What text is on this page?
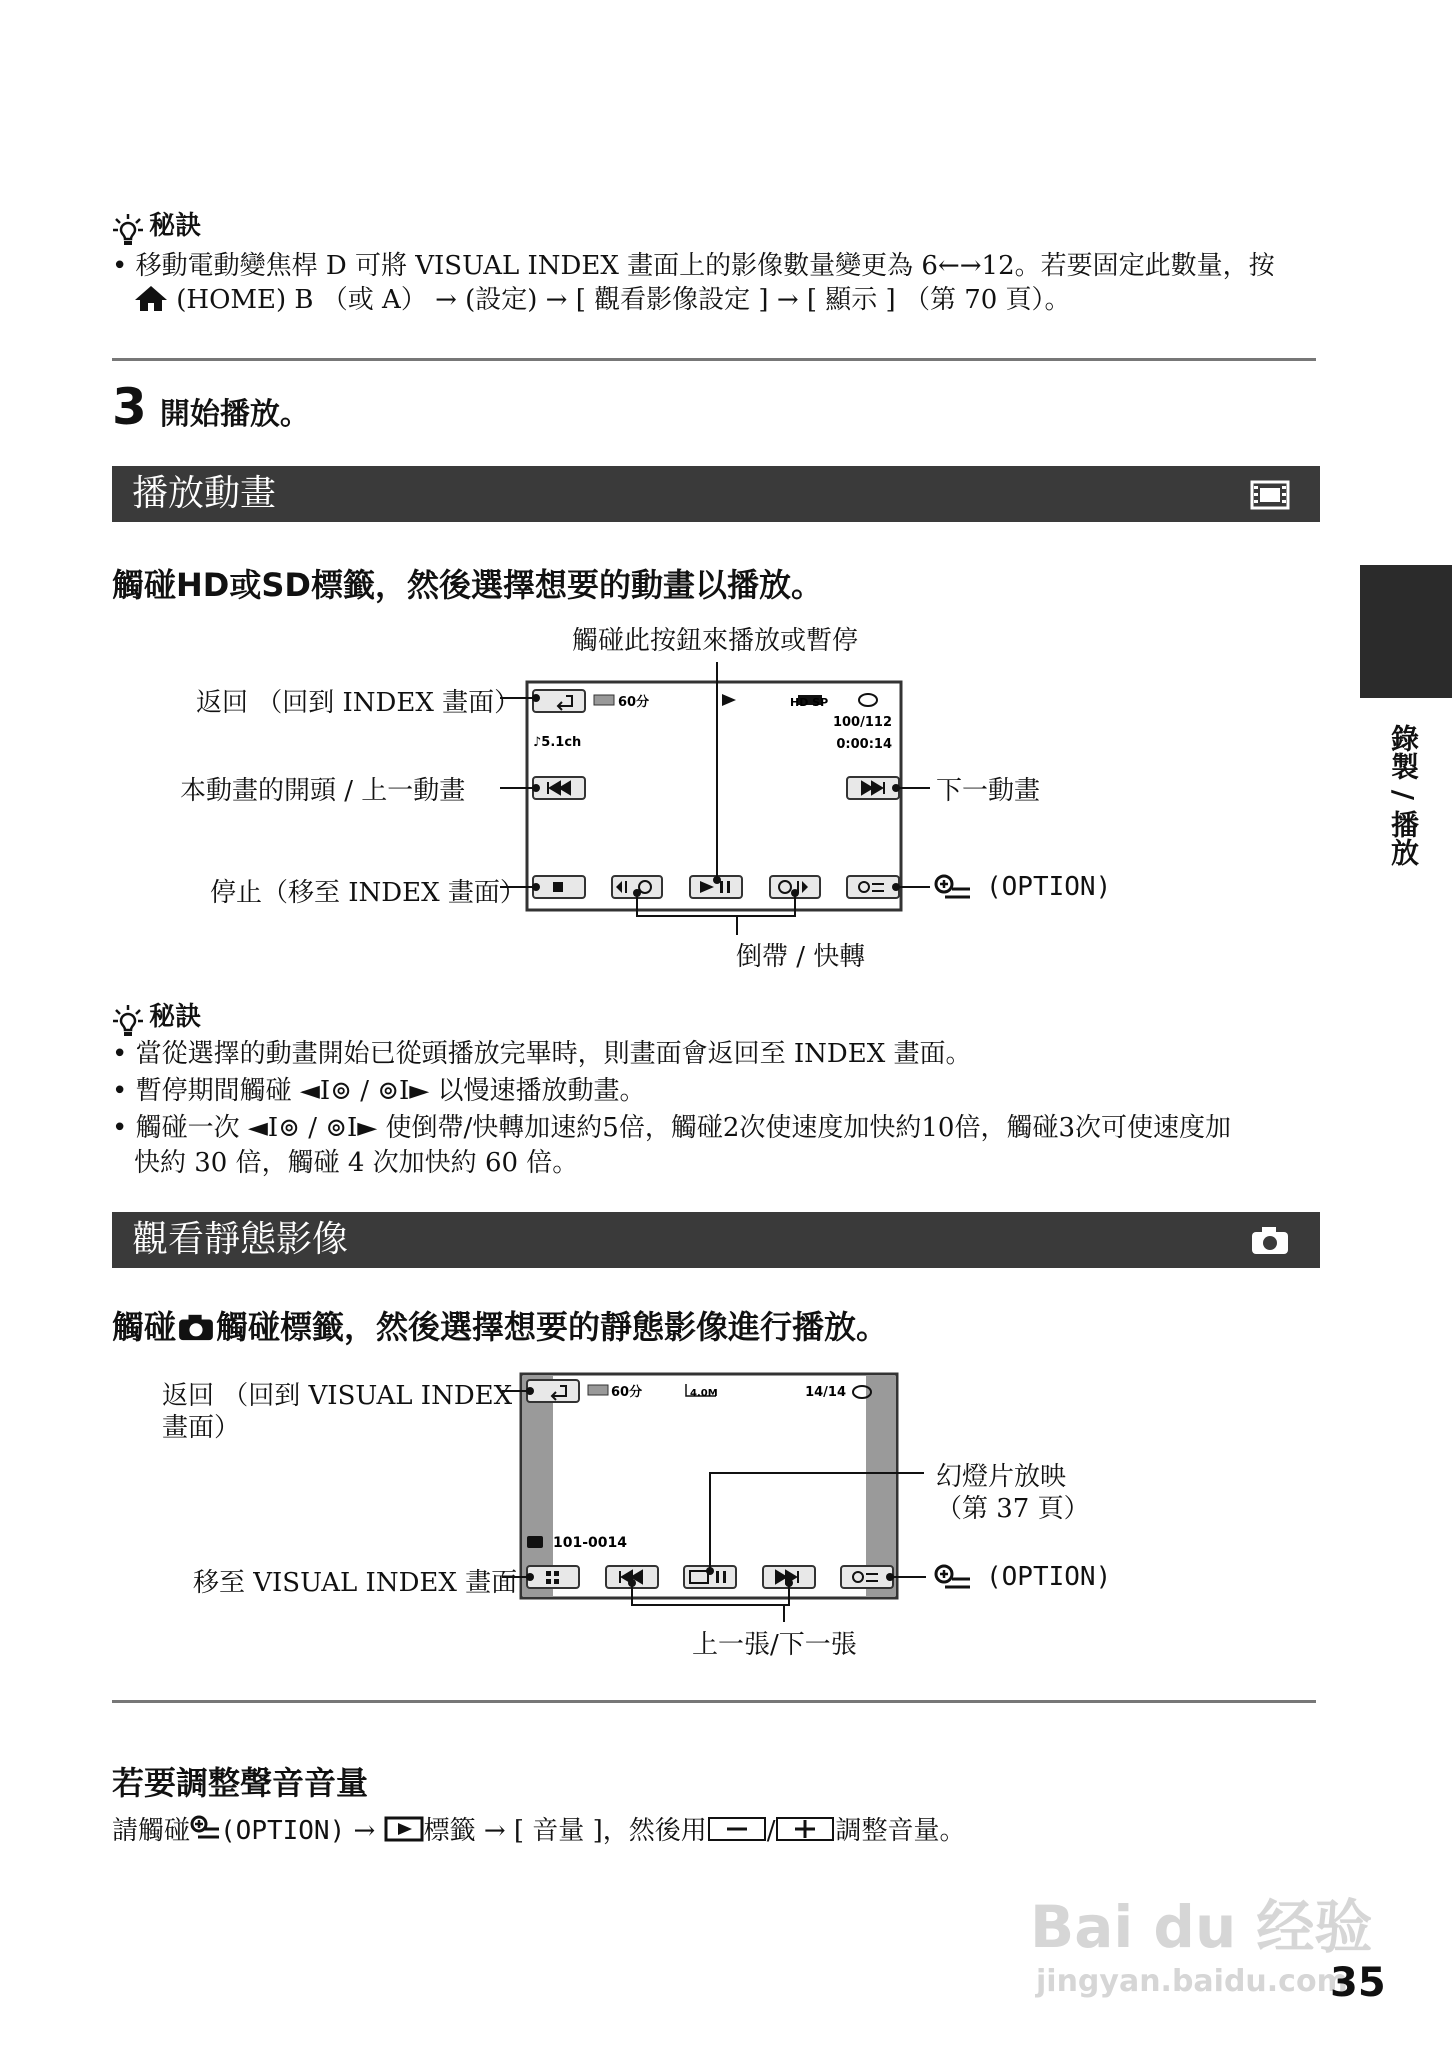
秘訣
• 移動電動變焦桿 D 可將 VISUAL INDEX 畫面上的影像數量變更為 6←→12。若要固定此數量，按
(HOME) B （或 A） → (設定) → [ 觀看影像設定 ] → [ 顯示 ] （第 70 頁）。
3 開始播放。
播放動畫
觸碰HD或SD標籤，然後選擇想要的動畫以播放。
60分
♪5.1ch
HD SP
100/112
0:00:14
觸碰此按鈕來播放或暫停
返回 （回到 INDEX 畫面）
本動畫的開頭 / 上一動畫	下一動畫
停止（移至 INDEX 畫面）	(OPTION)
倒帶 / 快轉
秘訣
• 當從選擇的動畫開始已從頭播放完畢時，則畫面會返回至 INDEX 畫面。
• 暫停期間觸碰 ◄I⊚ / ⊚I► 以慢速播放動畫。
• 觸碰一次 ◄I⊚ / ⊚I► 使倒帶/快轉加速約5倍，觸碰2次使速度加快約10倍，觸碰3次可使速度加
快約 30 倍，觸碰 4 次加快約 60 倍。
觀看靜態影像
觸碰 觸碰標籤，然後選擇想要的靜態影像進行播放。
60分	4.0M	14/14
101-0014
返回 （回到 VISUAL INDEX
畫面）
幻燈片放映
（第 37 頁）
移至 VISUAL INDEX 畫面	(OPTION)
上一張/下一張
若要調整聲音音量
請觸碰 (OPTION) → 標籤 → [ 音量 ]，然後用 / 調整音量。
錄製 / 播放
Bai du 经验
jingyan.baidu.com
35
